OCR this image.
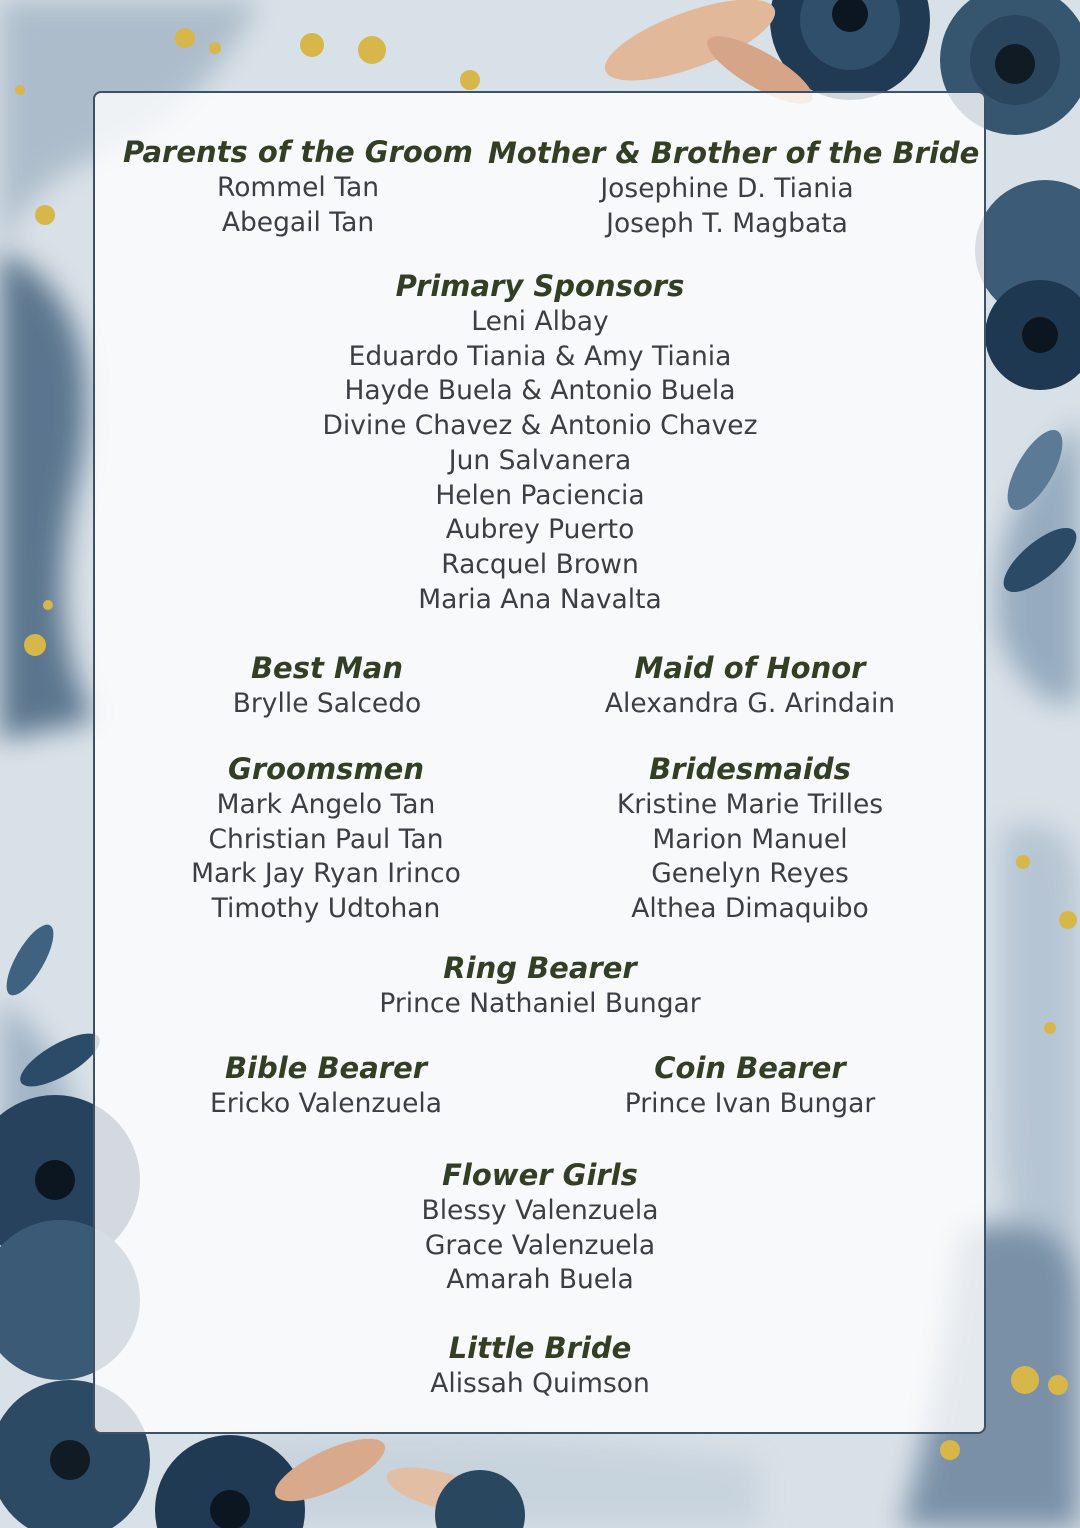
Parents of the Groom
Rommel Tan
Abegail Tan
Mother & Brother of the Bride
Josephine D. Tiania
Joseph T. Magbata
Primary Sponsors
Leni Albay
Eduardo Tiania & Amy Tiania
Hayde Buela & Antonio Buela
Divine Chavez & Antonio Chavez
Jun Salvanera
Helen Paciencia
Aubrey Puerto
Racquel Brown
Maria Ana Navalta
Best Man
Brylle Salcedo
Maid of Honor
Alexandra G. Arindain
Groomsmen
Mark Angelo Tan
Christian Paul Tan
Mark Jay Ryan Irinco
Timothy Udtohan
Bridesmaids
Kristine Marie Trilles
Marion Manuel
Genelyn Reyes
Althea Dimaquibo
Ring Bearer
Prince Nathaniel Bungar
Bible Bearer
Ericko Valenzuela
Coin Bearer
Prince Ivan Bungar
Flower Girls
Blessy Valenzuela
Grace Valenzuela
Amarah Buela
Little Bride
Alissah Quimson
